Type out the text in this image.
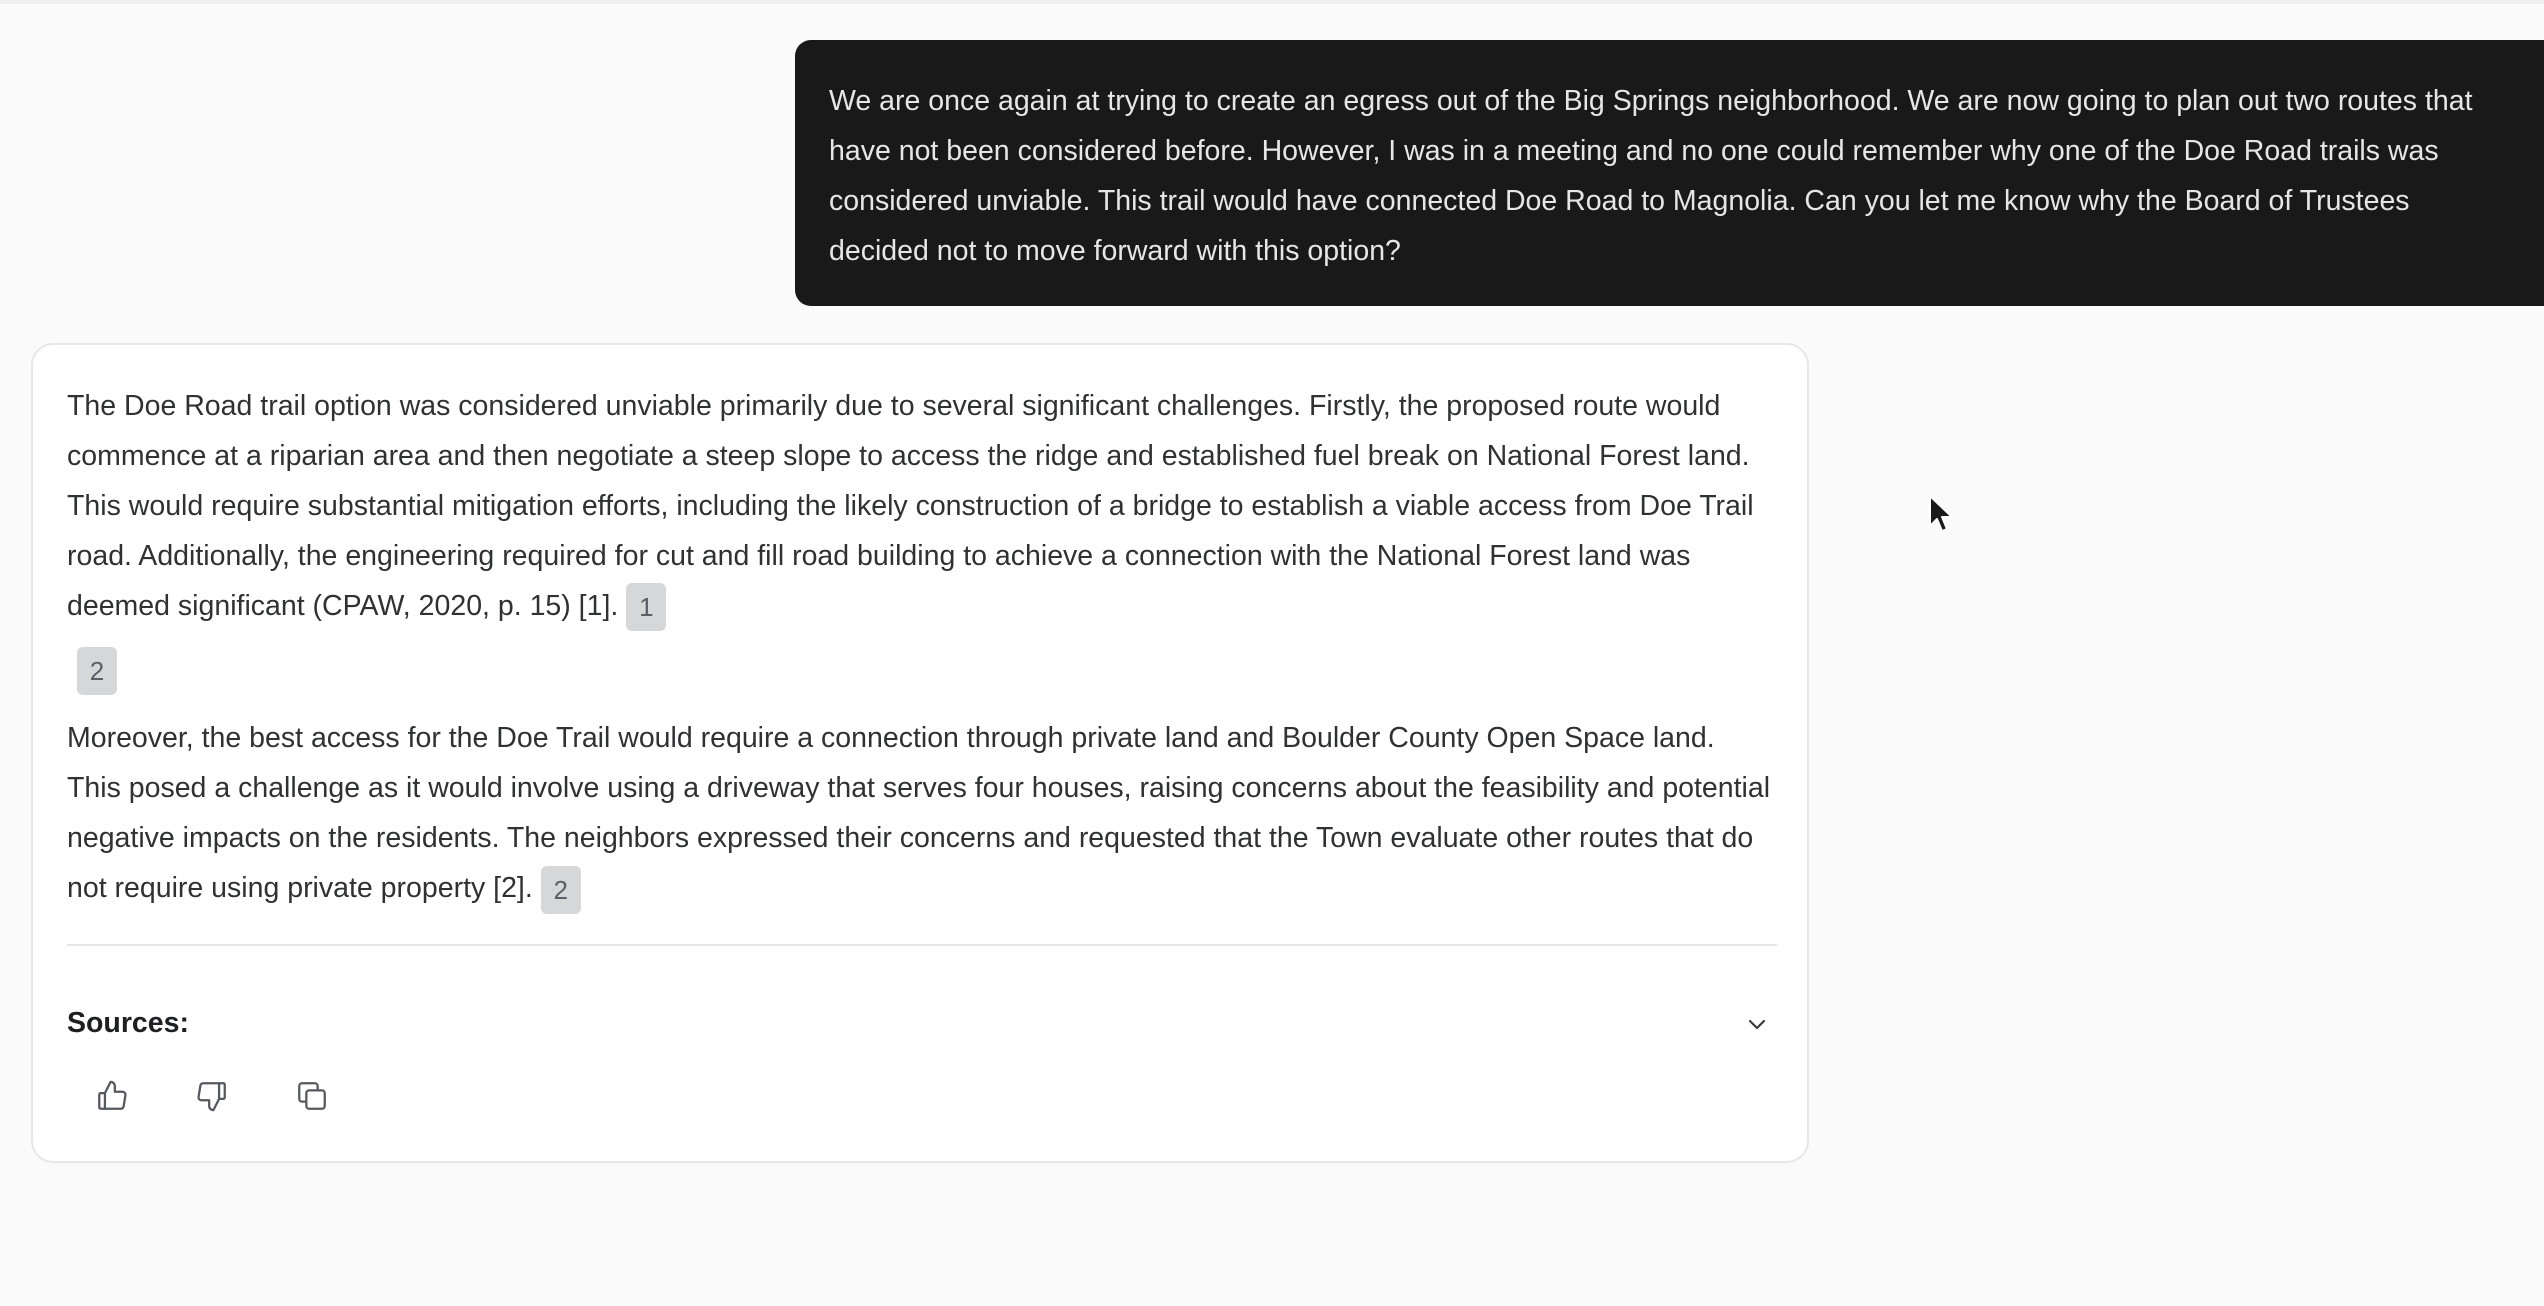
We are once again at trying to create an egress out of the Big Springs neighborhood. We are now going to plan out two routes that have not been considered before. However, I was in a meeting and no one could remember why one of the Doe Road trails was considered unviable. This trail would have connected Doe Road to Magnolia. Can you let me know why the Board of Trustees decided not to move forward with this option?

The Doe Road trail option was considered unviable primarily due to several significant challenges. Firstly, the proposed route would commence at a riparian area and then negotiate a steep slope to access the ridge and established fuel break on National Forest land. This would require substantial mitigation efforts, including the likely construction of a bridge to establish a viable access from Doe Trail road. Additionally, the engineering required for cut and fill road building to achieve a connection with the National Forest land was deemed significant (CPAW, 2020, p. 15) [1]. 1

2

Moreover, the best access for the Doe Trail would require a connection through private land and Boulder County Open Space land. This posed a challenge as it would involve using a driveway that serves four houses, raising concerns about the feasibility and potential negative impacts on the residents. The neighbors expressed their concerns and requested that the Town evaluate other routes that do not require using private property [2]. 2

Sources:
